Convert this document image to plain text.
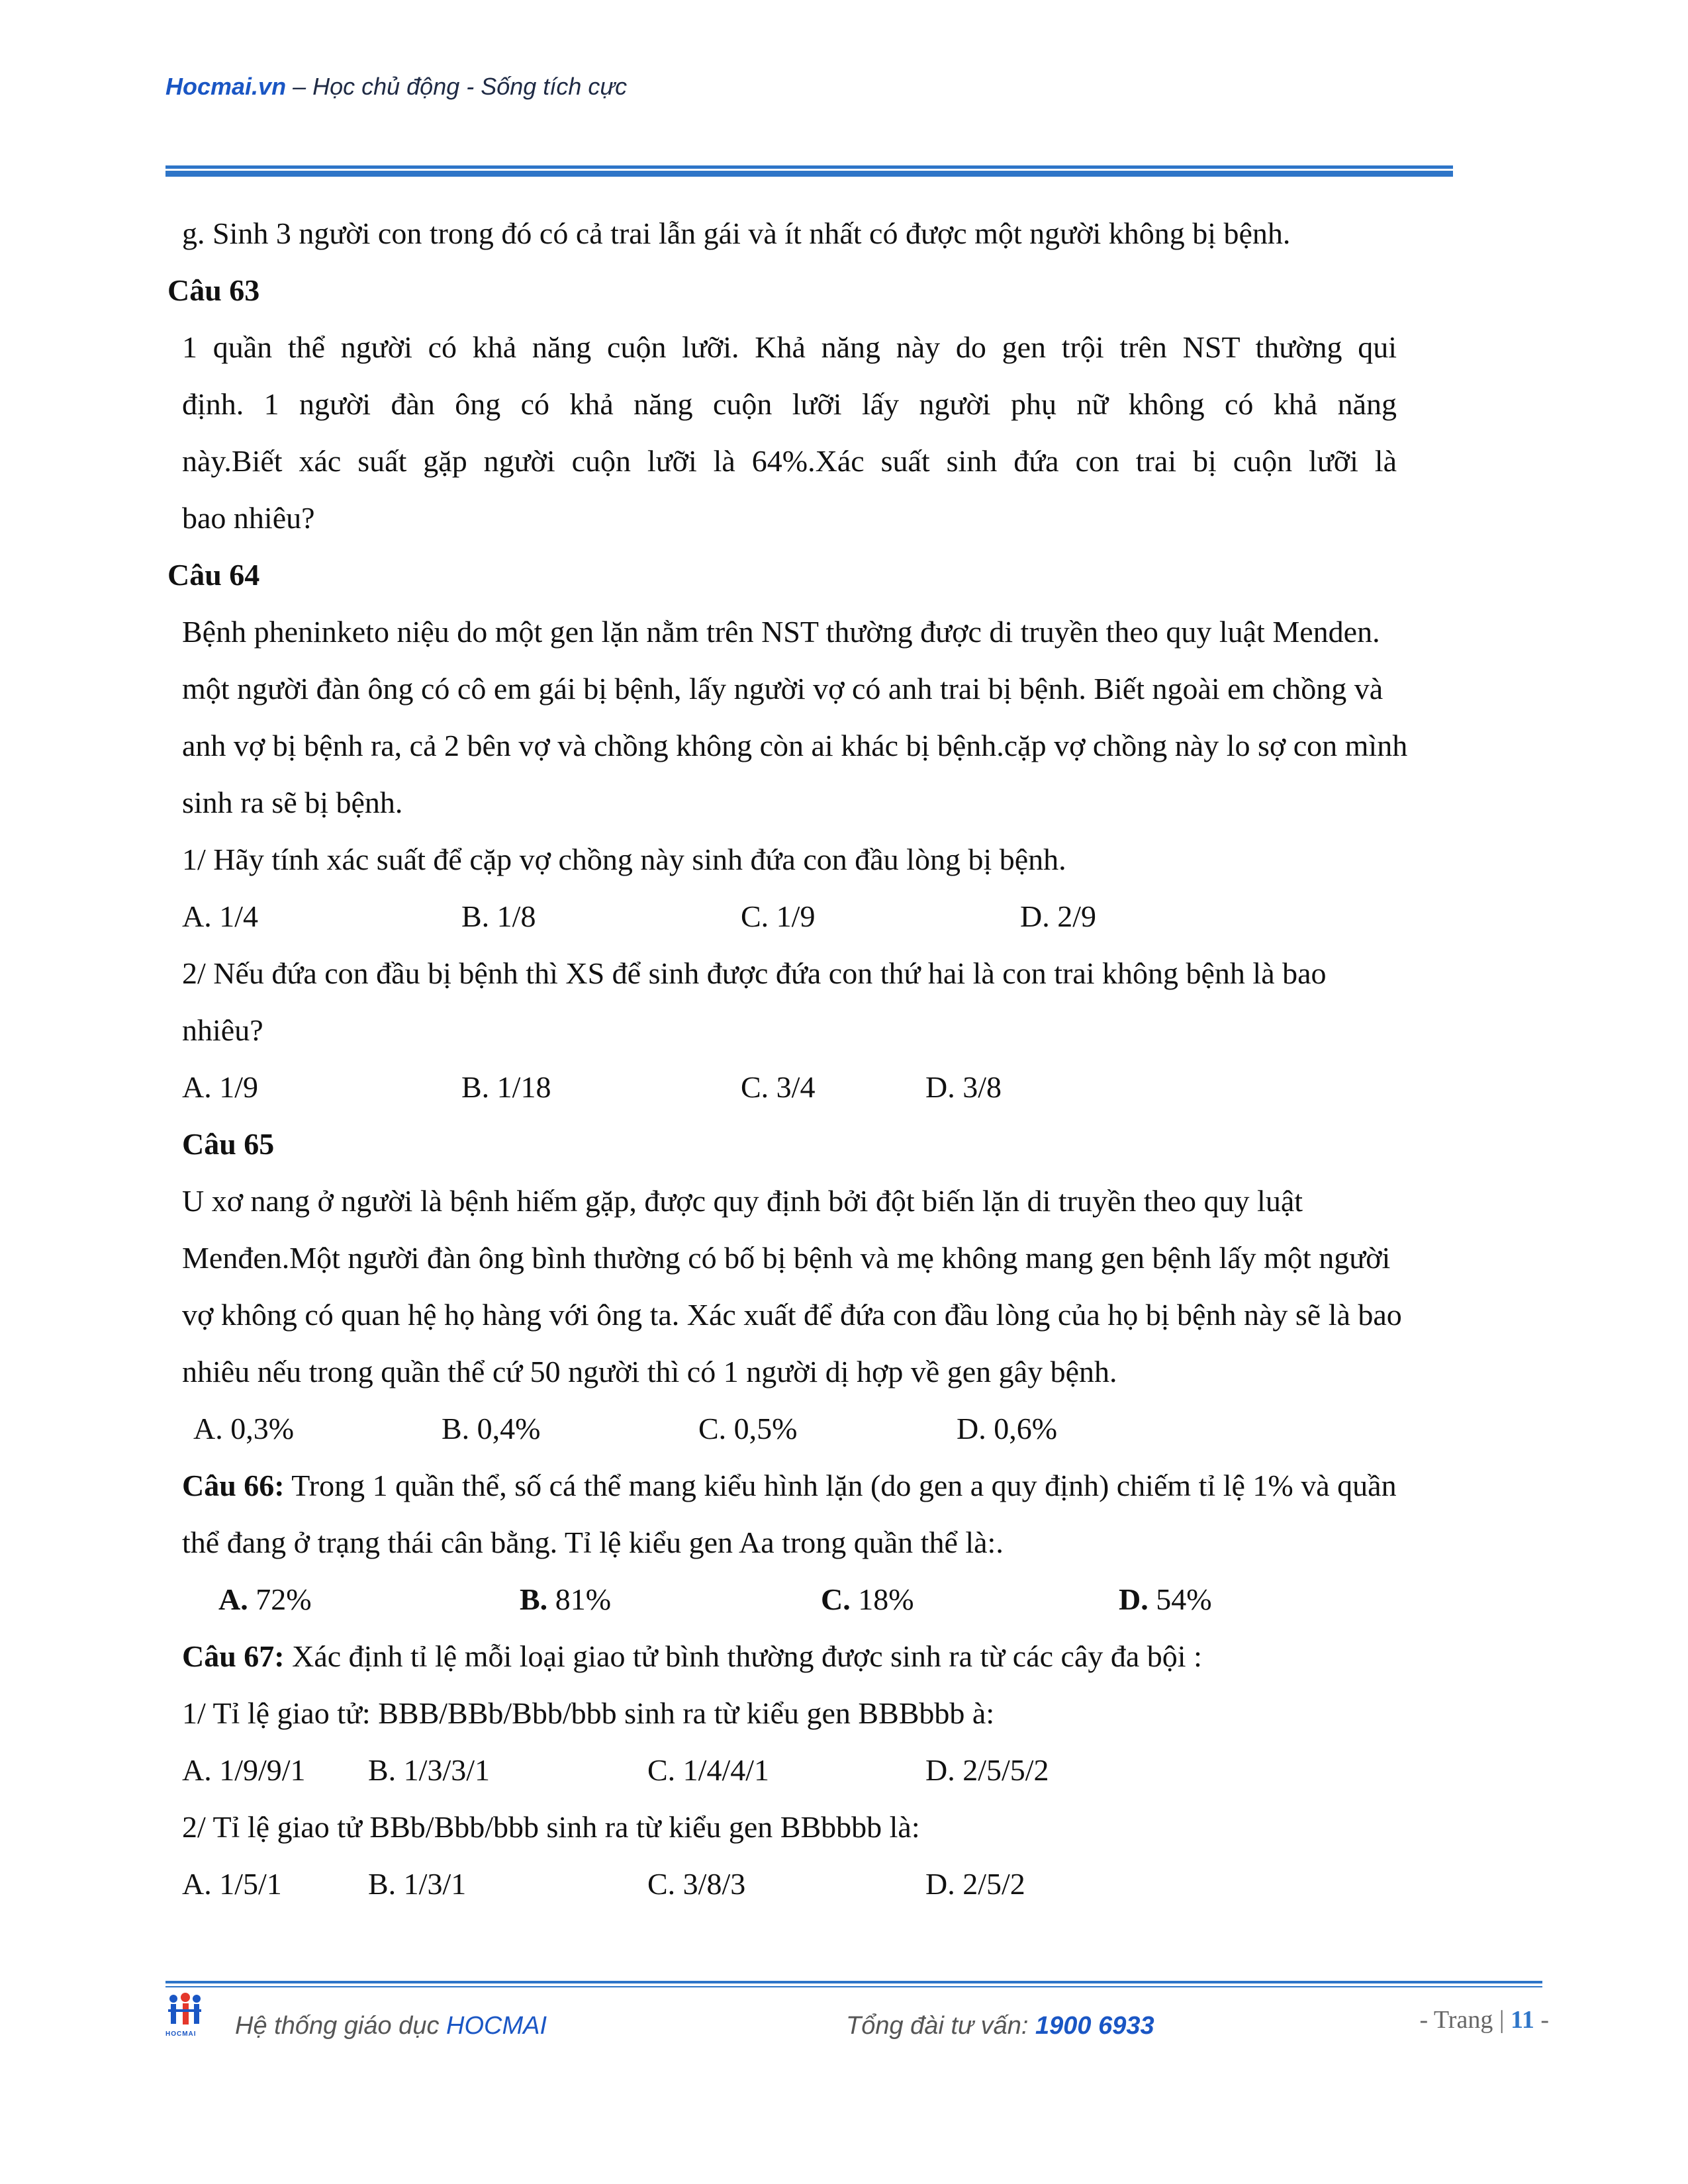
Hocmai.vn – Học chủ động - Sống tích cực
g. Sinh 3 người con trong đó có cả trai lẫn gái và ít nhất có được một người không bị bệnh.
Câu 63
1 quần thể người có khả năng cuộn lưỡi. Khả năng này do gen trội trên NST thường qui
định. 1 người đàn ông có khả năng cuộn lưỡi lấy người phụ nữ không có khả năng
này.Biết xác suất gặp người cuộn lưỡi là 64%.Xác suất sinh đứa con trai bị cuộn lưỡi là
bao nhiêu?
Câu 64
Bệnh pheninketo niệu do một gen lặn nằm trên NST thường được di truyền theo quy luật Menden.
một người đàn ông có cô em gái bị bệnh, lấy người vợ có anh trai bị bệnh. Biết ngoài em chồng và
anh vợ bị bệnh ra, cả 2 bên vợ và chồng không còn ai khác bị bệnh.cặp vợ chồng này lo sợ con mình
sinh ra sẽ bị bệnh.
1/ Hãy tính xác suất để cặp vợ chồng này sinh đứa con đầu lòng bị bệnh.
A. 1/4	B. 1/8	C. 1/9	D. 2/9
2/ Nếu đứa con đầu bị bệnh thì XS để sinh được đứa con thứ hai là con trai không bệnh là bao
nhiêu?
A. 1/9	B. 1/18	C. 3/4	D. 3/8
Câu 65
U xơ nang ở người là bệnh hiếm gặp, được quy định bởi đột biến lặn di truyền theo quy luật
Menđen.Một người đàn ông bình thường có bố bị bệnh và mẹ không mang gen bệnh lấy một người
vợ không có quan hệ họ hàng với ông ta. Xác xuất để đứa con đầu lòng của họ bị bệnh này sẽ là bao
nhiêu nếu trong quần thể cứ 50 người thì có 1 người dị hợp về gen gây bệnh.
A. 0,3%	B. 0,4%	C. 0,5%	D. 0,6%
Câu 66: Trong 1 quần thể, số cá thể mang kiểu hình lặn (do gen a quy định) chiếm tỉ lệ 1% và quần
thể đang ở trạng thái cân bằng. Tỉ lệ kiểu gen Aa trong quần thể là:.
A. 72%	B. 81%	C. 18%	D. 54%
Câu 67: Xác định tỉ lệ mỗi loại giao tử bình thường được sinh ra từ các cây đa bội :
1/ Tỉ lệ giao tử: BBB/BBb/Bbb/bbb sinh ra từ kiểu gen BBBbbb à:
A. 1/9/9/1 B. 1/3/3/1	C. 1/4/4/1	D. 2/5/5/2
2/ Tỉ lệ giao tử BBb/Bbb/bbb sinh ra từ kiểu gen BBbbbb là:
A. 1/5/1	B. 1/3/1	C. 3/8/3	D. 2/5/2
HOCMAI Hệ thống giáo dục HOCMAI	Tổng đài tư vấn: 1900 6933	- Trang | 11 -
